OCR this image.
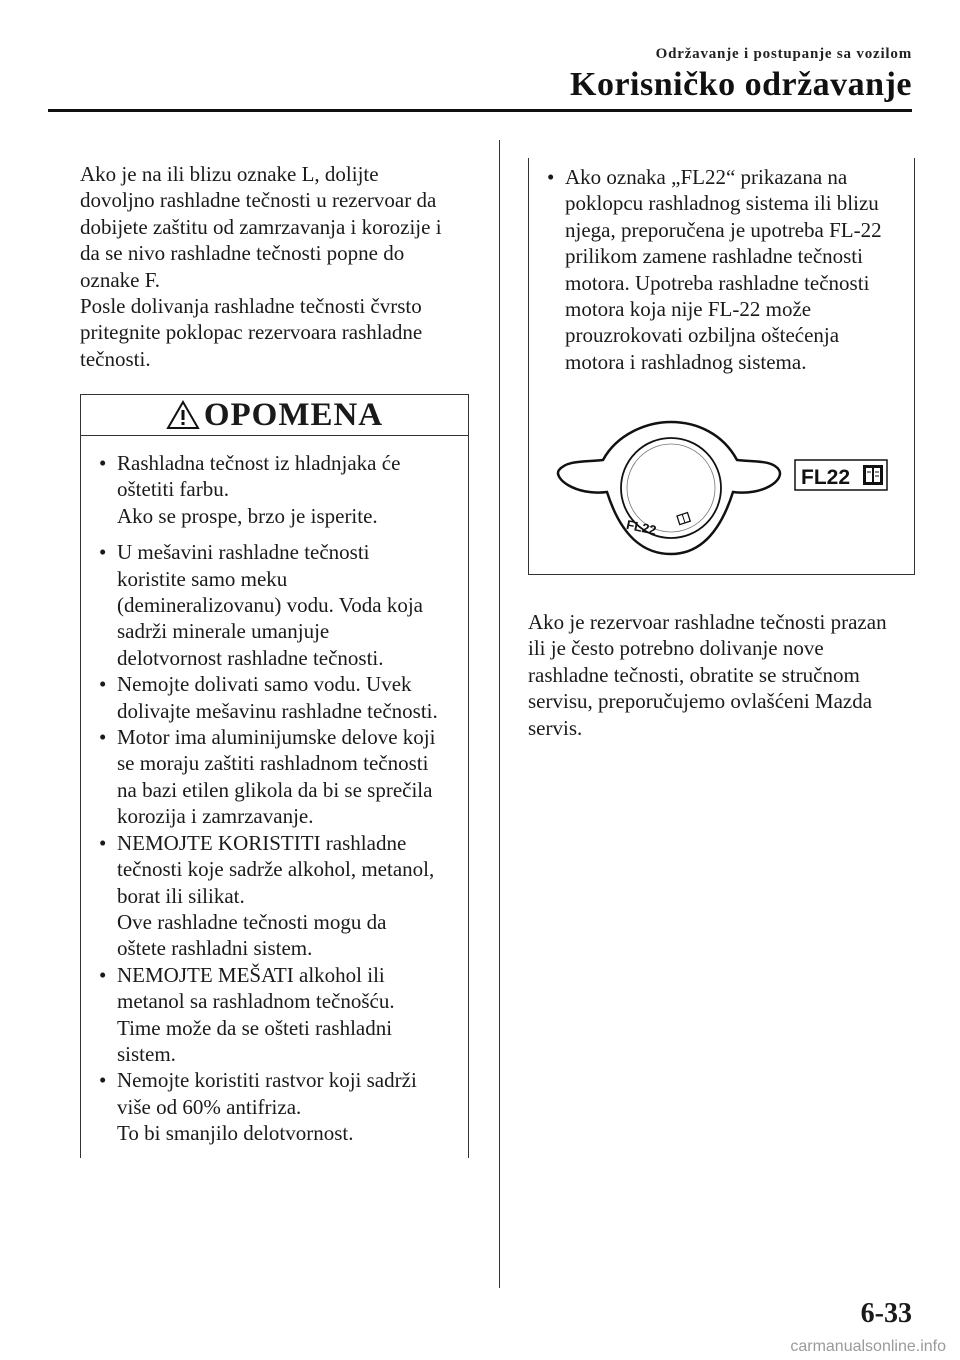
Održavanje i postupanje sa vozilom
Korisničko održavanje

Ako je na ili blizu oznake L, dolijte
dovoljno rashladne tečnosti u rezervoar da
dobijete zaštitu od zamrzavanja i korozije i
da se nivo rashladne tečnosti popne do
oznake F.

Posle dolivanja rashladne tečnosti čvrsto
pritegnite poklopac rezervoara rashladne
tečnosti.

OPOMENA
• Rashladna tečnost iz hladnjaka će
oštetiti farbu.
Ako se prospe, brzo je isperite.
• U mešavini rashladne tečnosti
koristite samo meku
(demineralizovanu) vodu. Voda koja
sadrži minerale umanjuje
delotvornost rashladne tečnosti.
• Nemojte dolivati samo vodu. Uvek
dolivajte mešavinu rashladne tečnosti.
• Motor ima aluminijumske delove koji
se moraju zaštiti rashladnom tečnosti
na bazi etilen glikola da bi se sprečila
korozija i zamrzavanje.
• NEMOJTE KORISTITI rashladne
tečnosti koje sadrže alkohol, metanol,
borat ili silikat.
Ove rashladne tečnosti mogu da
oštete rashladni sistem.
• NEMOJTE MEŠATI alkohol ili
metanol sa rashladnom tečnošću.
Time može da se ošteti rashladni
sistem.
• Nemojte koristiti rastvor koji sadrži
više od 60% antifriza.
To bi smanjilo delotvornost.
• Ako oznaka „FL22“ prikazana na
poklopcu rashladnog sistema ili blizu
njega, preporučena je upotreba FL-22
prilikom zamene rashladne tečnosti
motora. Upotreba rashladne tečnosti
motora koja nije FL-22 može
prouzrokovati ozbiljna oštećenja
motora i rashladnog sistema.
FL22
FL22

Ako je rezervoar rashladne tečnosti prazan
ili je često potrebno dolivanje nove
rashladne tečnosti, obratite se stručnom
servisu, preporučujemo ovlašćeni Mazda
servis.

6-33
carmanualsonline.info
